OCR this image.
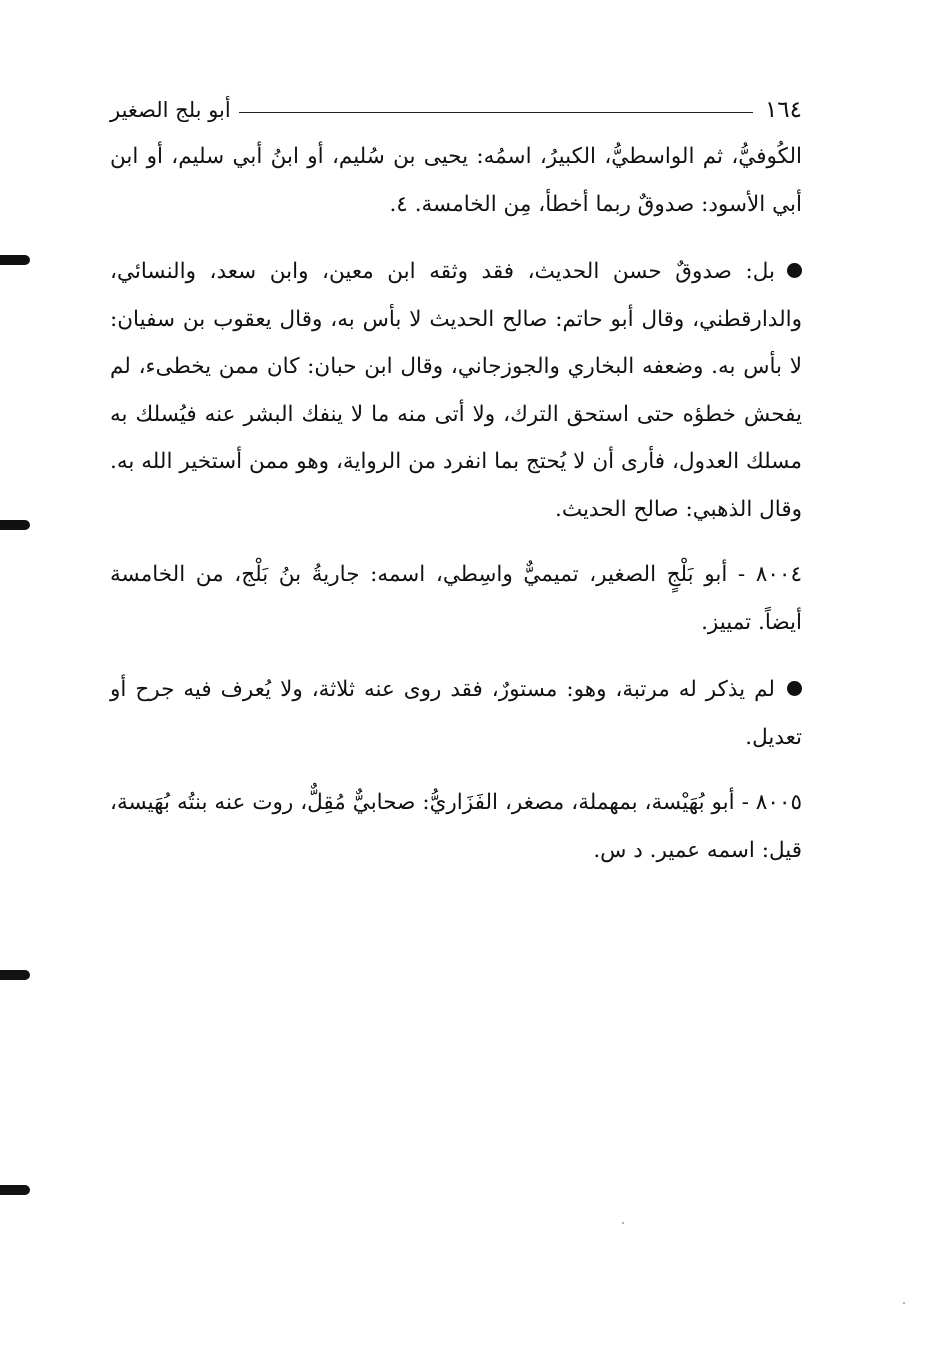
١٦٤
أبو بلج الصغير

الكُوفيُّ، ثم الواسطيُّ، الكبيرُ، اسمُه: يحيى بن سُليم، أو ابنُ أبي سليم، أو ابن أبي الأسود: صدوقٌ ربما أخطأ، مِن الخامسة. ٤.

بل: صدوقٌ حسن الحديث، فقد وثقه ابن معين، وابن سعد، والنسائي، والدارقطني، وقال أبو حاتم: صالح الحديث لا بأس به، وقال يعقوب بن سفيان: لا بأس به. وضعفه البخاري والجوزجاني، وقال ابن حبان: كان ممن يخطىء، لم يفحش خطؤه حتى استحق الترك، ولا أتى منه ما لا ينفك البشر عنه فيُسلك به مسلك العدول، فأرى أن لا يُحتج بما انفرد من الرواية، وهو ممن أستخير الله به. وقال الذهبي: صالح الحديث.

٨٠٠٤ - أبو بَلْجٍ الصغير، تميميٌّ واسِطي، اسمه: جاريةُ بنُ بَلْج، من الخامسة أيضاً. تمييز.

لم يذكر له مرتبة، وهو: مستورٌ، فقد روى عنه ثلاثة، ولا يُعرف فيه جرح أو تعديل.

٨٠٠٥ - أبو بُهَيْسة، بمهملة، مصغر، الفَزَاريُّ: صحابيٌّ مُقِلٌّ، روت عنه بنتُه بُهَيسة، قيل: اسمه عمير. د س.
